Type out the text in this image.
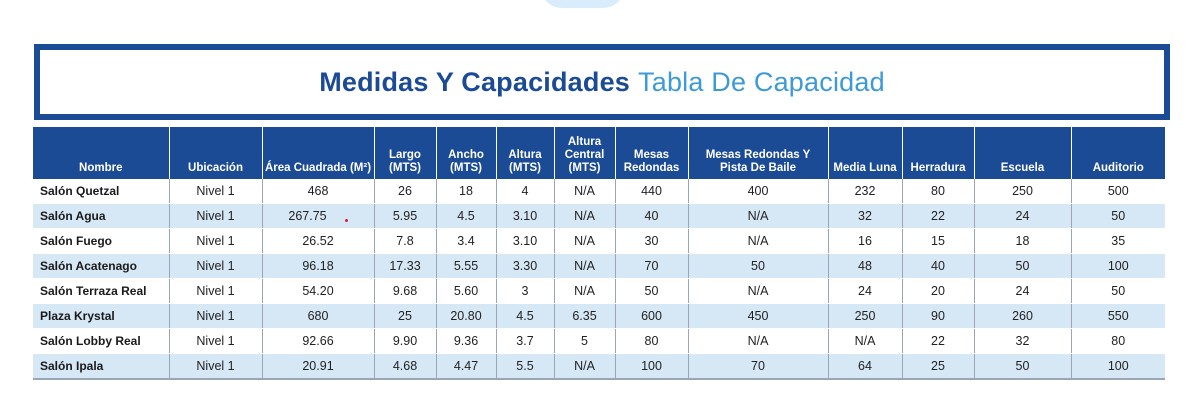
Medidas Y Capacidades Tabla De Capacidad
Nombre	Ubicación	Área Cuadrada (M²)	Largo (MTS)	Ancho (MTS)	Altura (MTS)	Altura Central (MTS)	Mesas Redondas	Mesas Redondas Y Pista De Baile	Media Luna	Herradura	Escuela	Auditorio
Salón Quetzal	Nivel 1	468	26	18	4	N/A	440	400	232	80	250	500
Salón Agua	Nivel 1	267.75	5.95	4.5	3.10	N/A	40	N/A	32	22	24	50
Salón Fuego	Nivel 1	26.52	7.8	3.4	3.10	N/A	30	N/A	16	15	18	35
Salón Acatenago	Nivel 1	96.18	17.33	5.55	3.30	N/A	70	50	48	40	50	100
Salón Terraza Real	Nivel 1	54.20	9.68	5.60	3	N/A	50	N/A	24	20	24	50
Plaza Krystal	Nivel 1	680	25	20.80	4.5	6.35	600	450	250	90	260	550
Salón Lobby Real	Nivel 1	92.66	9.90	9.36	3.7	5	80	N/A	N/A	22	32	80
Salón Ipala	Nivel 1	20.91	4.68	4.47	5.5	N/A	100	70	64	25	50	100
